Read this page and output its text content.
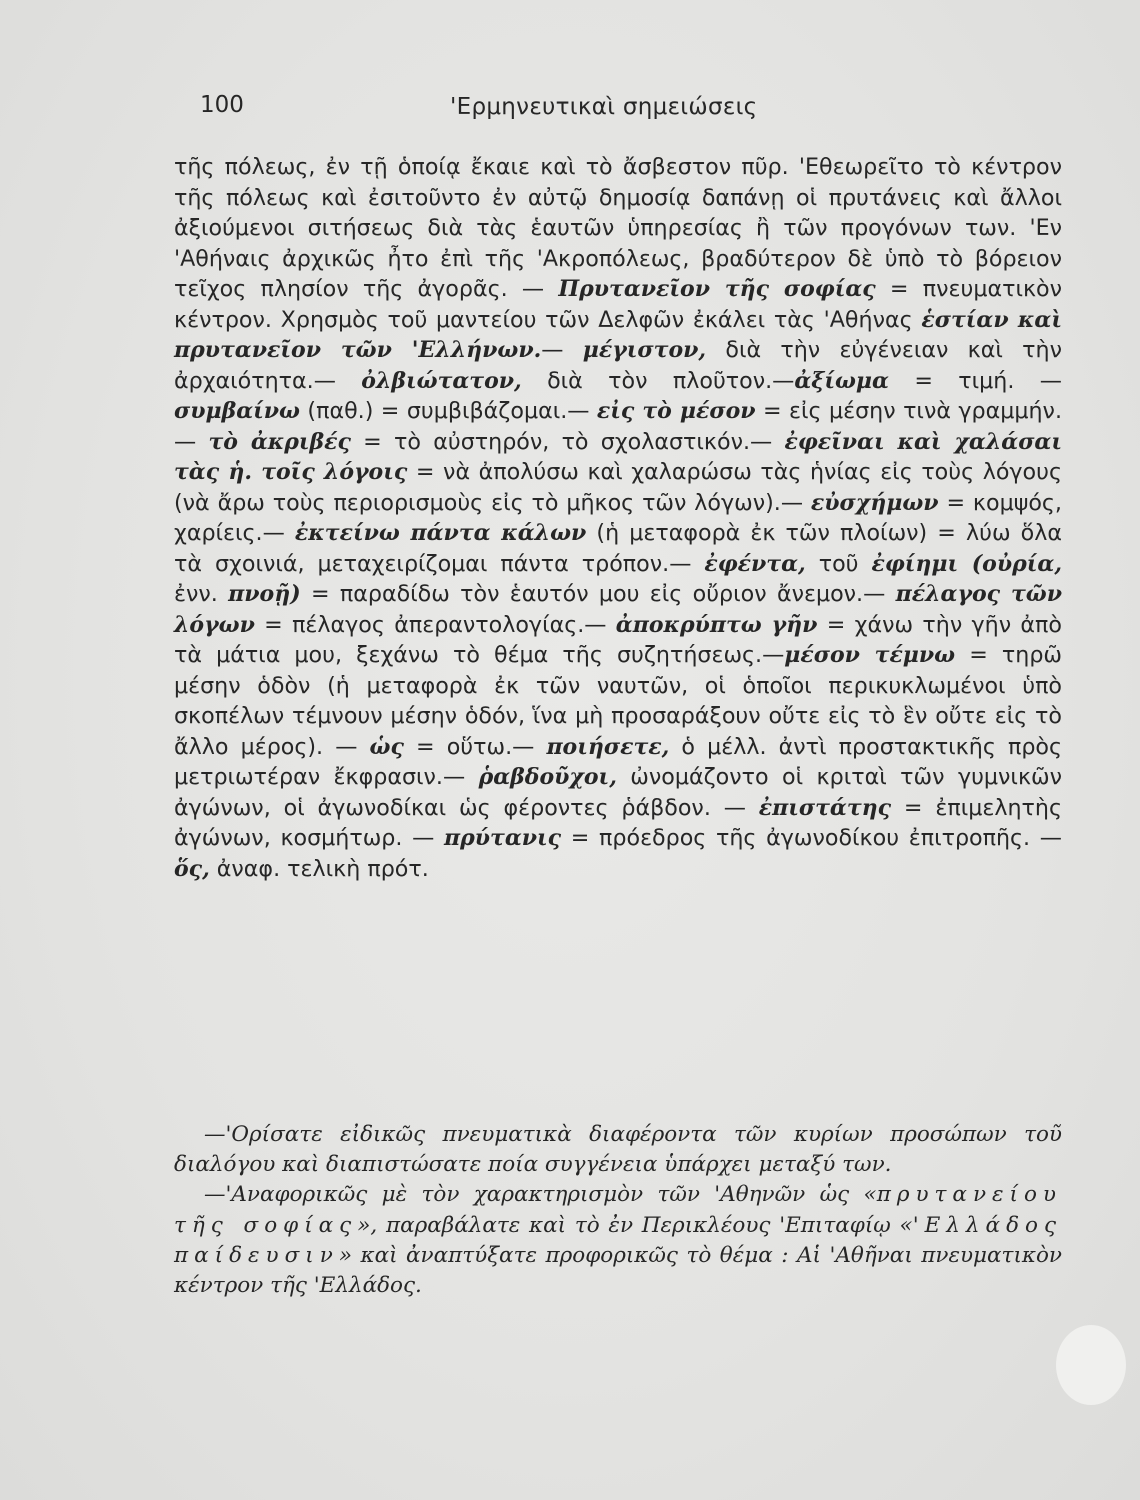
100	'Ερμηνευτικαὶ σημειώσεις

τῆς πόλεως, ἐν τῇ ὁποίᾳ ἔκαιε καὶ τὸ ἄσβεστον πῦρ. 'Εθεωρεῖτο τὸ κέντρον τῆς πόλεως καὶ ἐσιτοῦντο ἐν αὐτῷ δημοσίᾳ δαπάνῃ οἱ πρυτάνεις καὶ ἄλλοι ἀξιούμενοι σιτήσεως διὰ τὰς ἑαυτῶν ὑπηρεσίας ἢ τῶν προγόνων των. 'Εν 'Αθήναις ἀρχικῶς ἦτο ἐπὶ τῆς 'Ακροπόλεως, βραδύτερον δὲ ὑπὸ τὸ βόρειον τεῖχος πλησίον τῆς ἀγορᾶς. — Πρυτανεῖον τῆς σοφίας = πνευματικὸν κέντρον. Χρησμὸς τοῦ μαντείου τῶν Δελφῶν ἐκάλει τὰς 'Αθήνας ἑστίαν καὶ πρυτανεῖον τῶν 'Ελλήνων.— μέγιστον, διὰ τὴν εὐγένειαν καὶ τὴν ἀρχαιότητα.— ὀλβιώτατον, διὰ τὸν πλοῦτον.—ἀξίωμα = τιμή. — συμβαίνω (παθ.) = συμβιβάζομαι.— εἰς τὸ μέσον = εἰς μέσην τινὰ γραμμήν. — τὸ ἀκριβές = τὸ αὐστηρόν, τὸ σχολαστικόν.— ἐφεῖναι καὶ χαλάσαι τὰς ἡ. τοῖς λόγοις = νὰ ἀπολύσω καὶ χαλαρώσω τὰς ἡνίας εἰς τοὺς λόγους (νὰ ἄρω τοὺς περιορισμοὺς εἰς τὸ μῆκος τῶν λόγων).— εὐσχήμων = κομψός, χαρίεις.— ἐκτείνω πάντα κάλων (ἡ μεταφορὰ ἐκ τῶν πλοίων) = λύω ὅλα τὰ σχοινιά, μεταχειρίζομαι πάντα τρόπον.— ἐφέντα, τοῦ ἐφίημι (οὐρία, ἐνν. πνοῇ) = παραδίδω τὸν ἑαυτόν μου εἰς οὔριον ἄνεμον.— πέλαγος τῶν λόγων = πέλαγος ἀπεραντολογίας.— ἀποκρύπτω γῆν = χάνω τὴν γῆν ἀπὸ τὰ μάτια μου, ξεχάνω τὸ θέμα τῆς συζητήσεως.—μέσον τέμνω = τηρῶ μέσην ὁδὸν (ἡ μεταφορὰ ἐκ τῶν ναυτῶν, οἱ ὁποῖοι περικυκλωμένοι ὑπὸ σκοπέλων τέμνουν μέσην ὁδόν, ἵνα μὴ προσαράξουν οὔτε εἰς τὸ ἓν οὔτε εἰς τὸ ἄλλο μέρος). — ὡς = οὕτω.— ποιήσετε, ὁ μέλλ. ἀντὶ προστακτικῆς πρὸς μετριωτέραν ἔκφρασιν.— ῥαβδοῦχοι, ὠνομάζοντο οἱ κριταὶ τῶν γυμνικῶν ἀγώνων, οἱ ἀγωνοδίκαι ὡς φέροντες ῥάβδον. — ἐπιστάτης = ἐπιμελητὴς ἀγώνων, κοσμήτωρ. — πρύτανις = πρόεδρος τῆς ἀγωνοδίκου ἐπιτροπῆς. — ὅς, ἀναφ. τελικὴ πρότ.

—'Ορίσατε εἰδικῶς πνευματικὰ διαφέροντα τῶν κυρίων προσώπων τοῦ διαλόγου καὶ διαπιστώσατε ποία συγγένεια ὑπάρχει μεταξύ των.

—'Αναφορικῶς μὲ τὸν χαρακτηρισμὸν τῶν 'Αθηνῶν ὡς «πρυτανείου τῆς σοφίας», παραβάλατε καὶ τὸ ἐν Περικλέους 'Επιταφίῳ «'Ελλάδος παίδευσιν» καὶ ἀναπτύξατε προφορικῶς τὸ θέμα : Αἱ 'Αθῆναι πνευματικὸν κέντρον τῆς 'Ελλάδος.
